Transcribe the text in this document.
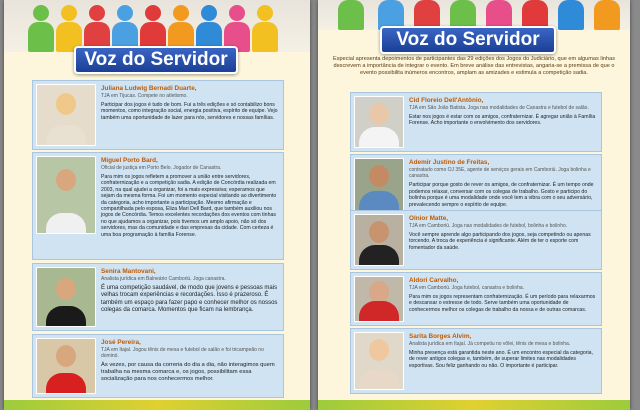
Voz do Servidor
Juliana Ludwig Bernadi Duarte,
TJA em Tijucas. Compete no atletismo.
Participar dos jogos é tudo de bom. Fui a três edições e só contabilizo bons momentos, como integração social, energia positiva, espírito de equipe. Vejo também uma oportunidade de lazer para nós, servidores e nossas famílias.
Miguel Porto Bard,
Oficial de justiça em Porto Belo. Jogador de Canastra.
Para mim os jogos refletem a promover a união entre servidores, confraternização e a competição sadia. A edição de Concórdia realizada em 2003, na qual ajudei a organizar, foi a mais expressiva; esperamos que sejam da mesma forma. Foi um momento especial visitando ao divertimento da categoria, acho importante a participação. Mesmo afirmação e compartilhada pelo esposa, Eliza Mari Dell Bard, que também auxiliou nos jogos de Concórdia. Temos excelentes recordações dos eventos com tinhas no que ajudamos a organizar, pois tivemos um amplo apoio, não só dos servidores, mas da comunidade e das empresas da cidade. Com certeza é uma boa programação à família Forense.
Senira Mantovani,
Analista jurídica em Balneário Camboriú. Joga canastra.
É uma competição saudável, de modo que jovens e pessoas mais velhas trocam experiências e recordações. Isso é prazeroso. É também um espaço para fazer papo e conhecer melhor os nossos colegas da comarca. Momentos que ficam na lembrança.
José Pereira,
TJA em Itajaí. Jogou tênis de mesa e futebol de salão e foi tricampeão no dominó.
Às vezes, por causa da correria do dia a dia, não interagimos quem trabalha na mesma comarca e, os jogos, possibilitam essa socialização para nos conhecermos melhor.
Voz do Servidor
Especial apresenta depoimentos de participantes das 29 edições dos Jogos do Judiciário, que em algumas linhas descrevem a importância de integrar o evento. Em breve análise das entrevistas, angaria-se a premissa de que o evento possibilita inúmeros encontros, amplam as amizades e estimula a competição sadia.
Cid Floreio Dell'Antônio,
TJA em São João Batista. Joga nas modalidades de Canastra e futebol de salão.
Estar nos jogos é estar com os amigos, confraternizar. É agregar união à Família Forense. Acho importante o envolvimento dos servidores.
Ademir Justino de Freitas,
contratado como OJ 35E, agente de serviços gerais em Camboriú. Joga bolinha e canastra.
Participar porque gosto de rever os amigos, de confraternizar. É um tempo onde podemos relaxar, conversar com os colegas de trabalho. Gosto e participo do bolinha porque é uma modalidade onde você tem a vibra com o seu adversário, prevalecendo sempre o espírito de equipe.
Olnior Matte,
TJA em Camboriú. Joga nas modalidades de futebol, bolinha e bolinho.
Você sempre aprende algo participando dos jogos, seja competindo ou apenas torcendo. A troca de experiência é significante. Além de ter o esporte com fomentador da saúde.
Aldori Carvalho,
TJA em Camboriú. Joga futebol, canastra e bolinha.
Para mim os jogos representam confraternização. É um período para relaxarmos e descansar o estresse de todo. Serve também uma oportunidade de conhecermos melhor os colegas de trabalho da nossa e de outras comarcas.
Sarita Borges Alvim,
Analista jurídica em Itajaí. Já competiu no vôlei, tênis de mesa e bolinha.
Minha presença está garantida neste ano. É um encontro especial da categoria, de rever antigos colegas e, também, de superar limites nas modalidades esportivas. Sou feliz ganhando ou não. O importante é participar.
